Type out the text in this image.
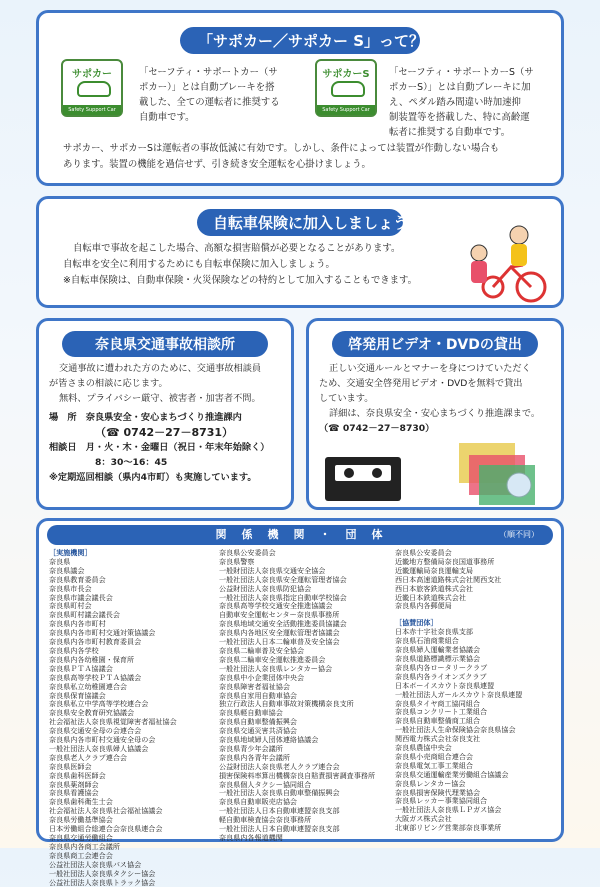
「サポカー／サポカー S」って？
サポカー
Safety Support Car
「セーフティ・サポートカー（サ
ポカー）」とは自動ブレーキを搭
載した、全ての運転者に推奨する
自動車です。
サポカーS
Safety Support Car
「セーフティ・サポートカーS（サ
ポカーS）」とは自動ブレーキに加
え、ペダル踏み間違い時加速抑
制装置等を搭載した、特に高齢運
転者に推奨する自動車です。
サポカー、サポカーSは運転者の事故低減に有効です。しかし、条件によっては装置が作動しない場合も
あります。装置の機能を過信せず、引き続き安全運転を心掛けましょう。
自転車保険に加入しましょう
自転車で事故を起こした場合、高額な損害賠償が必要となることがあります。
自転車を安全に利用するためにも自転車保険に加入しましょう。
※自転車保険は、自動車保険・火災保険などの特約として加入することもできます。
奈良県交通事故相談所
交通事故に遭われた方のために、交通事故相談員
が皆さまの相談に応じます。
無料、プライバシー厳守、被害者・加害者不問。
場　所　 奈良県安全・安心まちづくり推進課内
（☎ 0742－27－8731）
相談日　 月・火・木・金曜日（祝日・年末年始除く）
8：30～16：45
※定期巡回相談（県内4市町）も実施しています。
啓発用ビデオ・DVDの貸出
正しい交通ルールとマナーを身につけていただく
ため、交通安全啓発用ビデオ・DVDを無料で貸出
しています。
詳細は、奈良県安全・安心まちづくり推進課まで。
（☎ 0742－27－8730）
関　係　機　関　・　団　体	（順不同）
［実施機関］
奈良県
奈良県議会
奈良県教育委員会
奈良県市長会
奈良県市議会議長会
奈良県町村会
奈良県町村議会議長会
奈良県内各市町村
奈良県内各市町村交通対策協議会
奈良県内各市町村教育委員会
奈良県内各学校
奈良県内各幼稚園・保育所
奈良県ＰＴＡ協議会
奈良県高等学校ＰＴＡ協議会
奈良県私立幼稚園連合会
奈良県保育協議会
奈良県私立中学高等学校連合会
奈良県安全教育研究協議会
社会福祉法人奈良県視覚障害者福祉協会
奈良県交通安全母の会連合会
奈良県内各市町村交通安全母の会
一般社団法人奈良県婦人協議会
奈良県老人クラブ連合会
奈良県医師会
奈良県歯科医師会
奈良県薬剤師会
奈良県看護協会
奈良県歯科衛生士会
社会福祉法人奈良県社会福祉協議会
奈良県労働基準協会
日本労働組合総連合会奈良県連合会
奈良県交通労働組合
奈良県内各商工会議所
奈良県商工会連合会
公益社団法人奈良県バス協会
一般社団法人奈良県タクシー協会
公益社団法人奈良県トラック協会
奈良県公安委員会
奈良県警察
一般財団法人奈良県交通安全協会
一般社団法人奈良県安全運転管理者協会
公益財団法人奈良県防犯協会
一般社団法人奈良県指定自動車学校協会
奈良県高等学校交通安全推進協議会
自動車安全運転センター奈良県事務所
奈良県地域交通安全活動推進委員協議会
奈良県内各地区安全運転管理者協議会
一般社団法人日本二輪車普及安全協会
奈良県二輪車普及安全協会
奈良県二輪車安全運転推進委員会
一般社団法人奈良県レンタカー協会
奈良県中小企業団体中央会
奈良県障害者福祉協会
奈良県自家用自動車協会
独立行政法人自動車事故対策機構奈良支所
奈良県軽自動車協会
奈良県自動車整備振興会
奈良県交通災害共済協会
奈良県地域婦人団体連絡協議会
奈良県青少年会議所
奈良県内各青年会議所
公益財団法人奈良県老人クラブ連合会
損害保険料率算出機構奈良自賠責損害調査事務所
奈良県個人タクシー協同組合
一般社団法人奈良県自動車整備振興会
奈良県自動車販売店協会
一般社団法人日本自動車連盟奈良支部
軽自動車検査協会奈良事務所
一般社団法人日本自動車連盟奈良支部
奈良県内各報道機関
奈良県公安委員会
近畿地方整備局奈良国道事務所
近畿運輸局奈良運輸支局
西日本高速道路株式会社関西支社
西日本旅客鉄道株式会社
近畿日本鉄道株式会社
奈良県内各郵便局
［協賛団体］
日本赤十字社奈良県支部
奈良県石油商業組合
奈良県婦人運輸業者協議会
奈良県道路標識標示業協会
奈良県内各ロータリークラブ
奈良県内各ライオンズクラブ
日本ボーイスカウト奈良県連盟
一般社団法人ガールスカウト奈良県連盟
奈良県タイヤ商工協同組合
奈良県コンクリート工業組合
奈良県自動車整備商工組合
一般社団法人生命保険協会奈良県協会
関西電力株式会社奈良支社
奈良県農協中央会
奈良県小売商組合連合会
奈良県電気工事工業組合
奈良県交通運輸産業労働組合協議会
奈良県レンタカー協会
奈良県損害保険代理業協会
奈良県レッカー事業協同組合
一般社団法人奈良県ＬＰガス協会
大阪ガス株式会社
北東部リビング営業部奈良事業所
